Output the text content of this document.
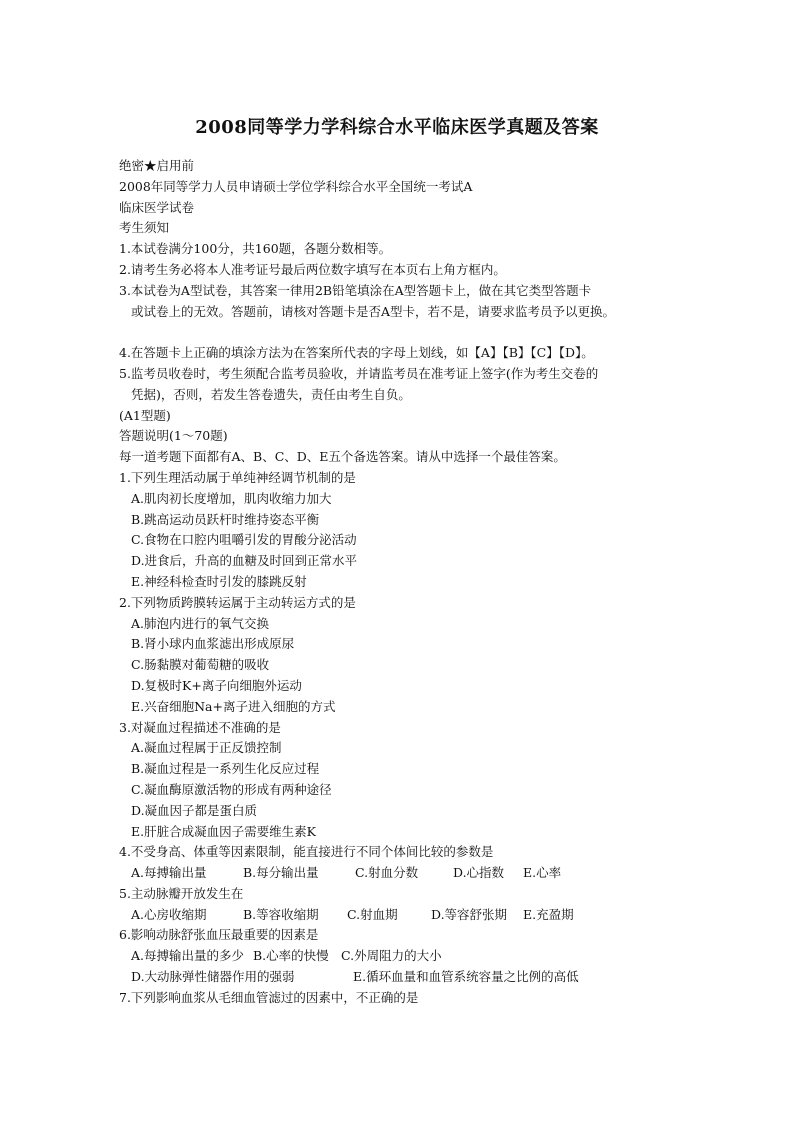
2008同等学力学科综合水平临床医学真题及答案
绝密★启用前
2008年同等学力人员申请硕士学位学科综合水平全国统一考试A
临床医学试卷
考生须知
1.本试卷满分100分，共160题，各题分数相等。
2.请考生务必将本人准考证号最后两位数字填写在本页右上角方框内。
3.本试卷为A型试卷，其答案一律用2B铅笔填涂在A型答题卡上，做在其它类型答题卡
或试卷上的无效。答题前，请核对答题卡是否A型卡，若不是，请要求监考员予以更换。
4.在答题卡上正确的填涂方法为在答案所代表的字母上划线，如【A】【B】【C】【D】。
5.监考员收卷时，考生须配合监考员验收，并请监考员在准考证上签字(作为考生交卷的
凭据)，否则，若发生答卷遗失，责任由考生自负。
(A1型题)
答题说明(1～70题)
每一道考题下面都有A、B、C、D、E五个备选答案。请从中选择一个最佳答案。
1.下列生理活动属于单纯神经调节机制的是
A.肌肉初长度增加，肌肉收缩力加大
B.跳高运动员跃杆时维持姿态平衡
C.食物在口腔内咀嚼引发的胃酸分泌活动
D.进食后，升高的血糖及时回到正常水平
E.神经科检查时引发的膝跳反射
2.下列物质跨膜转运属于主动转运方式的是
A.肺泡内进行的氧气交换
B.肾小球内血浆滤出形成原尿
C.肠黏膜对葡萄糖的吸收
D.复极时K+离子向细胞外运动
E.兴奋细胞Na+离子进入细胞的方式
3.对凝血过程描述不准确的是
A.凝血过程属于正反馈控制
B.凝血过程是一系列生化反应过程
C.凝血酶原激活物的形成有两种途径
D.凝血因子都是蛋白质
E.肝脏合成凝血因子需要维生素K
4.不受身高、体重等因素限制，能直接进行不同个体间比较的参数是
A.每搏输出量	B.每分输出量	C.射血分数	D.心指数	E.心率
5.主动脉瓣开放发生在
A.心房收缩期	B.等容收缩期	C.射血期	D.等容舒张期	E.充盈期
6.影响动脉舒张血压最重要的因素是
A.每搏输出量的多少 B.心率的快慢 C.外周阻力的大小
D.大动脉弹性储器作用的强弱	E.循环血量和血管系统容量之比例的高低
7.下列影响血浆从毛细血管滤过的因素中，不正确的是
